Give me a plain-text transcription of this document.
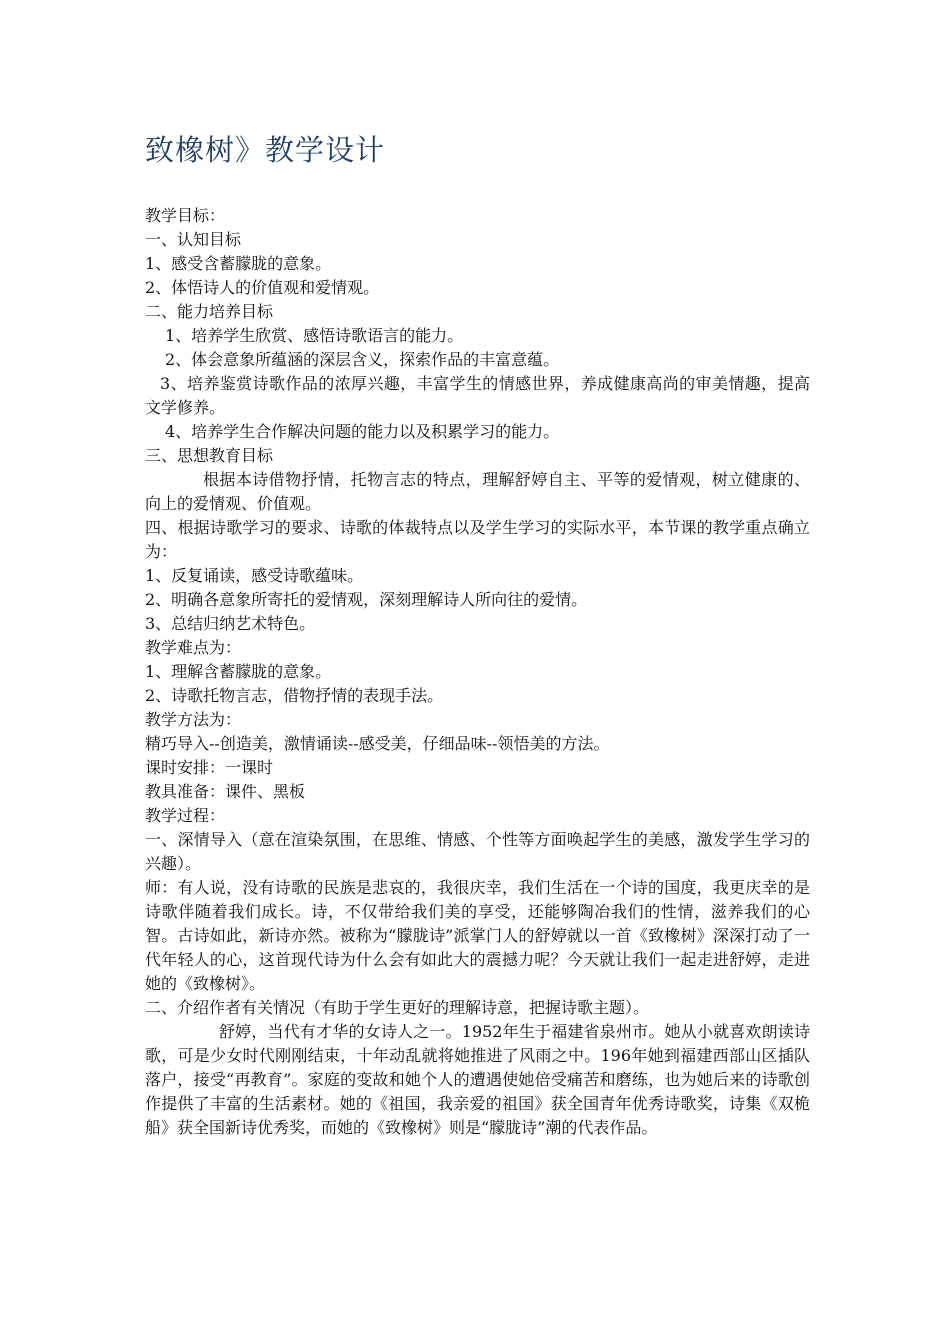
致橡树》教学设计

教学目标：

一、认知目标

1、感受含蓄朦胧的意象。

2、体悟诗人的价值观和爱情观。

二、能力培养目标

1、培养学生欣赏、感悟诗歌语言的能力。

2、体会意象所蕴涵的深层含义，探索作品的丰富意蕴。

3、培养鉴赏诗歌作品的浓厚兴趣，丰富学生的情感世界，养成健康高尚的审美情趣，提高文学修养。

4、培养学生合作解决问题的能力以及积累学习的能力。

三、思想教育目标

根据本诗借物抒情，托物言志的特点，理解舒婷自主、平等的爱情观，树立健康的、向上的爱情观、价值观。

四、根据诗歌学习的要求、诗歌的体裁特点以及学生学习的实际水平，本节课的教学重点确立为：

1、反复诵读，感受诗歌蕴味。

2、明确各意象所寄托的爱情观，深刻理解诗人所向往的爱情。

3、总结归纳艺术特色。

教学难点为：

1、理解含蓄朦胧的意象。

2、诗歌托物言志，借物抒情的表现手法。

教学方法为：

精巧导入--创造美，激情诵读--感受美，仔细品味--领悟美的方法。

课时安排：一课时

教具准备：课件、黑板

教学过程：

一、深情导入（意在渲染氛围，在思维、情感、个性等方面唤起学生的美感，激发学生学习的兴趣）。

师：有人说，没有诗歌的民族是悲哀的，我很庆幸，我们生活在一个诗的国度，我更庆幸的是诗歌伴随着我们成长。诗，不仅带给我们美的享受，还能够陶冶我们的性情，滋养我们的心智。古诗如此，新诗亦然。被称为“朦胧诗”派掌门人的舒婷就以一首《致橡树》深深打动了一代年轻人的心，这首现代诗为什么会有如此大的震撼力呢？今天就让我们一起走进舒婷，走进她的《致橡树》。

二、介绍作者有关情况（有助于学生更好的理解诗意，把握诗歌主题）。

舒婷，当代有才华的女诗人之一。1952年生于福建省泉州市。她从小就喜欢朗读诗歌，可是少女时代刚刚结束，十年动乱就将她推进了风雨之中。196年她到福建西部山区插队落户，接受“再教育”。家庭的变故和她个人的遭遇使她倍受痛苦和磨练，也为她后来的诗歌创作提供了丰富的生活素材。她的《祖国，我亲爱的祖国》获全国青年优秀诗歌奖，诗集《双桅船》获全国新诗优秀奖，而她的《致橡树》则是“朦胧诗”潮的代表作品。
